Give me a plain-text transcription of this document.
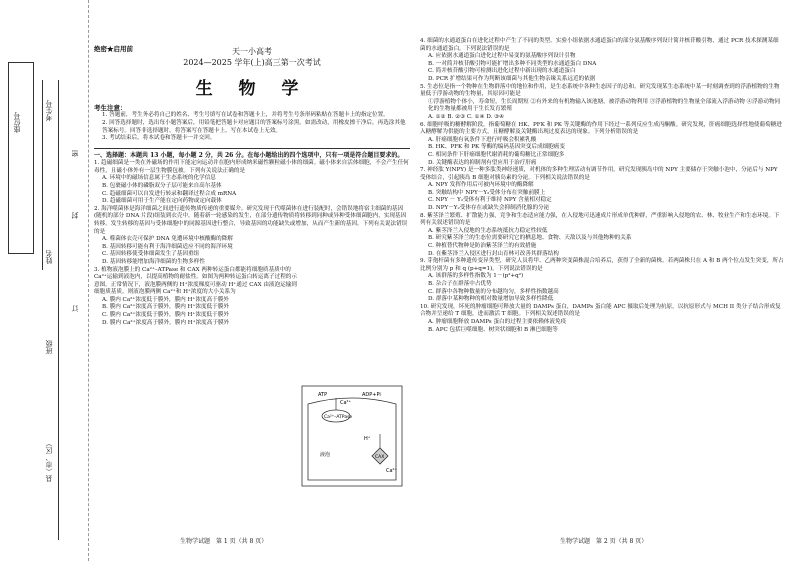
座位号
考生号
姓名
班级
县（市、区）
密
封
订
绝密★启用前	天一小高考
2024—2025 学年(上)高三第一次考试
生 物 学
考生注意：
1. 答题前，考生务必将自己的姓名、考生号填写在试卷和答题卡上，并将考生号条形码粘贴在答题卡上的指定位置。
2. 回答选择题时，选出每小题答案后，用铅笔把答题卡对应题目的答案标号涂黑。如需改动，用橡皮擦干净后，再选涂其他答案标号。回答非选择题时，将答案写在答题卡上。写在本试卷上无效。
3. 考试结束后，将本试卷和答题卡一并交回。
一、选择题：本题共 13 小题，每小题 2 分，共 26 分。在每小题给出的四个选项中，只有一项是符合题目要求的。
1. 趋磁细菌是一类在外磁场的作用下能定向运动并在胞内形成纳米磁性颗粒磁小体的细菌。磁小体来自活体细胞，不会产生任何毒性，且磁小体外有一层生物膜包被。下列有关说法正确的是
A. 环境中的磁场信息属于生态系统的化学信息
B. 包裹磁小体的磷脂双分子层可能来自高尔基体
C. 趋磁细菌可以自发进行转录和翻译过程合成 mRNA
D. 趋磁细菌可用于生产能在定向药物或定向载体
2. 海洋噬菌体是海洋细菌之间进行遗传物质传递的重要媒介。研究发现于代噬菌体在进行装配时，会错误地将宿主细菌的基因(随机的部分 DNA 片段)组装到衣壳中，随着新一轮感染的发生，在部分遗传物质将转移到同种或异种受体细菌胞内，实现基因转移。发生转移的基因与受体细胞中的同源基因进行整合，导致基因的功能缺失或增加，从而产生新的基因。下列有关说法错误的是
A. 噬菌体衣壳可保护 DNA 免遭环境中核酸酶的降解
B. 基因转移可能有利于海洋细菌适应不同的海洋环境
C. 基因转移使受体细菌发生了基因重组
D. 基因转移能增加海洋细菌的生物多样性
3. 植物液泡膜上的 Ca²⁺–ATPase 和 CAX 两种转运蛋白都能将细胞质基质中的 Ca²⁺运输到液泡内，以提高植物的耐盐性。如图为两种转运蛋白转运离子过程的示意图。正常情况下，液泡膜两侧的 H⁺浓度梯度可驱动 H⁺通过 CAX 由液泡运输到细胞质基质。则液泡膜两侧 Ca²⁺和 H⁺浓度的大小关系为
A. 膜内 Ca²⁺浓度低于膜外，膜内 H⁺浓度高于膜外
B. 膜内 Ca²⁺浓度高于膜外，膜内 H⁺浓度低于膜外
C. 膜内 Ca²⁺浓度低于膜外，膜内 H⁺浓度低于膜外
D. 膜内 Ca²⁺浓度高于膜外，膜内 H⁺浓度高于膜外
ATP	ADP+Pi
Ca²⁺
Ca²⁺–ATPase
H⁺
CAX
液泡
Ca²⁺
4. 细菌的水通道蛋白在进化过程中产生了不同的类型。实验小组依据水通道蛋白的部分氨基酸序列设计简并核苷酸引物，通过 PCR 技术探测某细菌的水通道蛋白。下列说法错误的是
A. 应依据水通道蛋白进化过程中易变的氨基酸序列设计引物
B. 一对简并核苷酸引物可能扩增出多种不同类型的水通道蛋白 DNA
C. 简并核苷酸引物可检测出进化过程中新出现的水通道蛋白
D. PCR 扩增结果可作为判断该细菌与其他生物亲缘关系远近的依据
5. 生态位是指一个物种在生物群落中的地位和作用，是生态系统中各种生态因子的总和。研究发现某生态系统中某一时刻调查到的浮游植物的生物量低于浮游动物的生物量，其原因可能是
①浮游植物个体小，寿命短，生长周期短 ②有外来的有机物输入该池塘，被浮游动物利用 ③浮游植物的生物量全部流入浮游动物 ④浮游动物同化的生物量都被用于生长发育繁殖
A. ①② B. ②③ C. ①④ D. ③④
6. 细胞呼吸的糖酵解阶段，指葡萄糖在 HK、PFK 和 PK 等关键酶的作用下经过一系列反应生成丙酮酸。研究发现，肝癌细胞选择性地使葡萄糖进入糖酵解为供能的主要方式，且糖酵解及关键酶出现过度表达的现象。下列分析错误的是
A. 肝癌细胞有氧条件下进行呼吸会积累乳酸
B. HK、PFK 和 PK 等酶的编码基因突变后成细胞癌变
C. 相同条件下肝癌细胞代谢消耗的葡萄糖比正常细胞多
D. 关键酶表达的抑制剂有望应用于治疗肝癌
7. 神经肽 Y(NPY) 是一种多肽类神经递质，对机体的多种生理活动有调节作用。研究发现胰岛中的 NPY 主要储存于突触小泡中，分泌后与 NPY 受体结合，引起胰岛 B 细胞对胰岛素的分泌。下列相关说法错误的是
A. NPY 发挥作用后可被内环境中的酶降解
B. 突触结构中 NPY－Y₂受体分布在突触前膜上
C. NPY － Y₂受体有利于维持 NPY 含量相对稳定
D. NPY－Y₂受体存在或缺失会抑制消化腺的分泌
8. 紫茎泽兰繁殖、扩散能力强，竞争和生态适应能力强，在入侵地可迅速成片形成单优种群，严重影响入侵地的农、林、牧业生产和生态环境。下列有关叙述错误的是
A. 紫茎泽兰入侵地的生态系统抵抗力稳定性较低
B. 研究紫茎泽兰的生态位需要研究它的栖息地、食物、天敌以及与其他物种的关系
C. 种植替代物种是防治紫茎泽兰的有效措施
D. 在紫茎泽兰入侵区进行封山育林可改善其群落结构
9. 芽孢杆菌有多种遗传变异类型，研究人员将甲、乙两种突变菌株混合培养后，获得了全新的菌株。若两菌株只在 A 和 B 两个位点发生突变，所占比例分别为 p 和 q (p+q=1)。下列说法错误的是
A. 该群落的多样性指数为 1－(p²+q²)
B. 杂合子在群落中占优势
C. 群落中各物种数量的分布越均匀，多样性指数越高
D. 群落中某种物种的相对数量增加导致多样性降低
10. 研究发现，坏死的肿瘤细胞可释放大量的 DAMPs 蛋白，DAMPs 蛋白能 APC 摄取后处理为抗原，以抗原形式与 MCH II 类分子结合形成复合物并呈递给 T 细胞，进而激活 T 细胞。下列相关叙述错误的是
A. 肿瘤细胞释放 DAMPs 蛋白的过程主要依赖体液免疫
B. APC 包括巨噬细胞、树突状细胞和 B 淋巴细胞等
生物学试题　第 1 页（共 8 页）	生物学试题　第 2 页（共 8 页）
